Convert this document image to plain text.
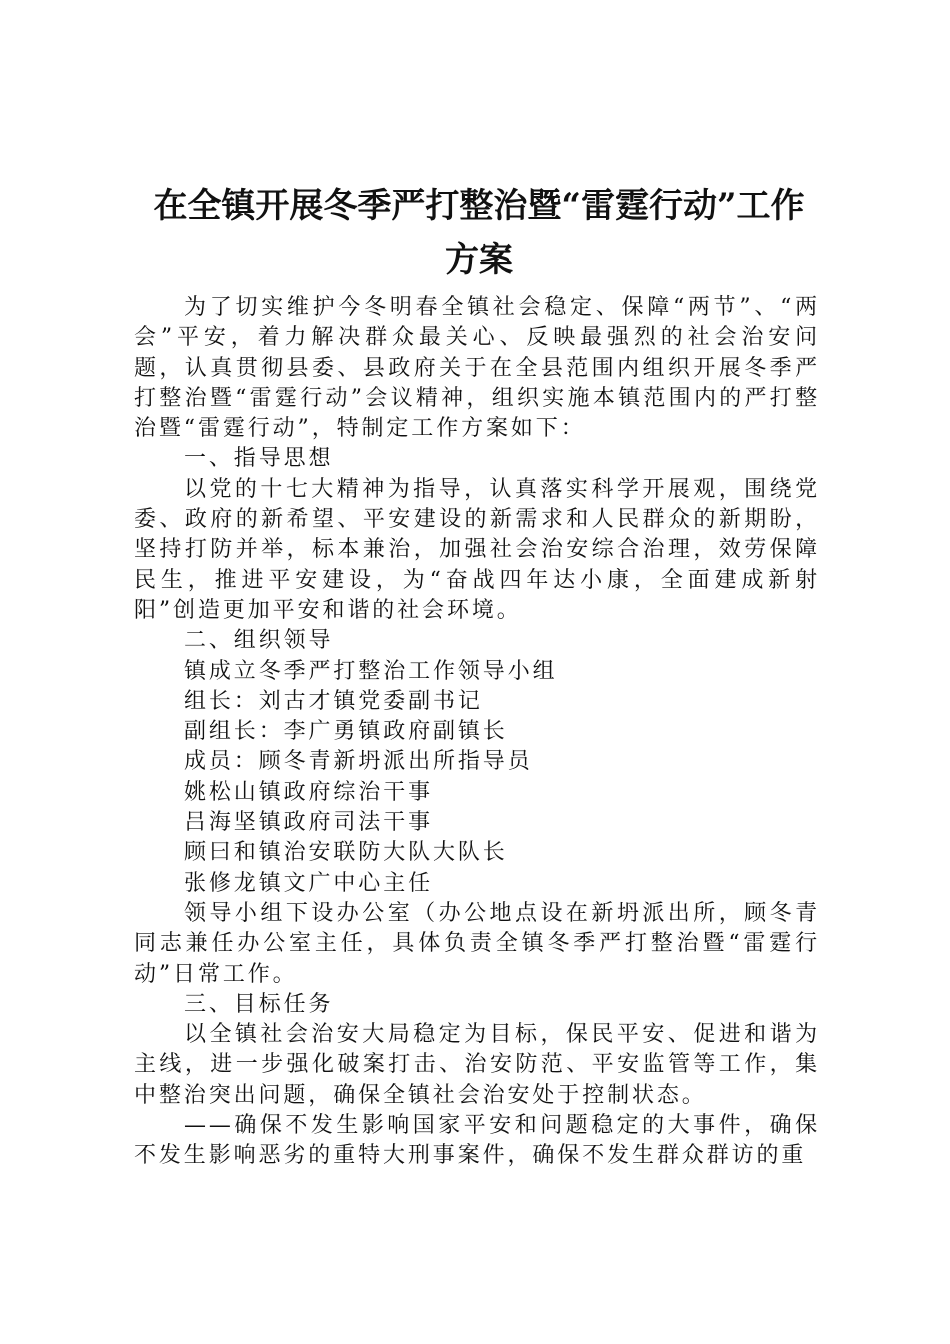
在全镇开展冬季严打整治暨“雷霆行动”工作
方案

为了切实维护今冬明春全镇社会稳定、保障“两节”、“两会”平安，着力解决群众最关心、反映最强烈的社会治安问题，认真贯彻县委、县政府关于在全县范围内组织开展冬季严打整治暨“雷霆行动”会议精神，组织实施本镇范围内的严打整治暨“雷霆行动”，特制定工作方案如下：

一、指导思想

以党的十七大精神为指导，认真落实科学开展观，围绕党委、政府的新希望、平安建设的新需求和人民群众的新期盼，坚持打防并举，标本兼治，加强社会治安综合治理，效劳保障民生，推进平安建设，为“奋战四年达小康，全面建成新射阳”创造更加平安和谐的社会环境。

二、组织领导

镇成立冬季严打整治工作领导小组

组长：刘古才镇党委副书记

副组长：李广勇镇政府副镇长

成员：顾冬青新坍派出所指导员

姚松山镇政府综治干事

吕海坚镇政府司法干事

顾曰和镇治安联防大队大队长

张修龙镇文广中心主任

领导小组下设办公室（办公地点设在新坍派出所，顾冬青同志兼任办公室主任，具体负责全镇冬季严打整治暨“雷霆行动”日常工作。

三、目标任务

以全镇社会治安大局稳定为目标，保民平安、促进和谐为主线，进一步强化破案打击、治安防范、平安监管等工作，集中整治突出问题，确保全镇社会治安处于控制状态。

——确保不发生影响国家平安和问题稳定的大事件，确保不发生影响恶劣的重特大刑事案件，确保不发生群众群访的重
